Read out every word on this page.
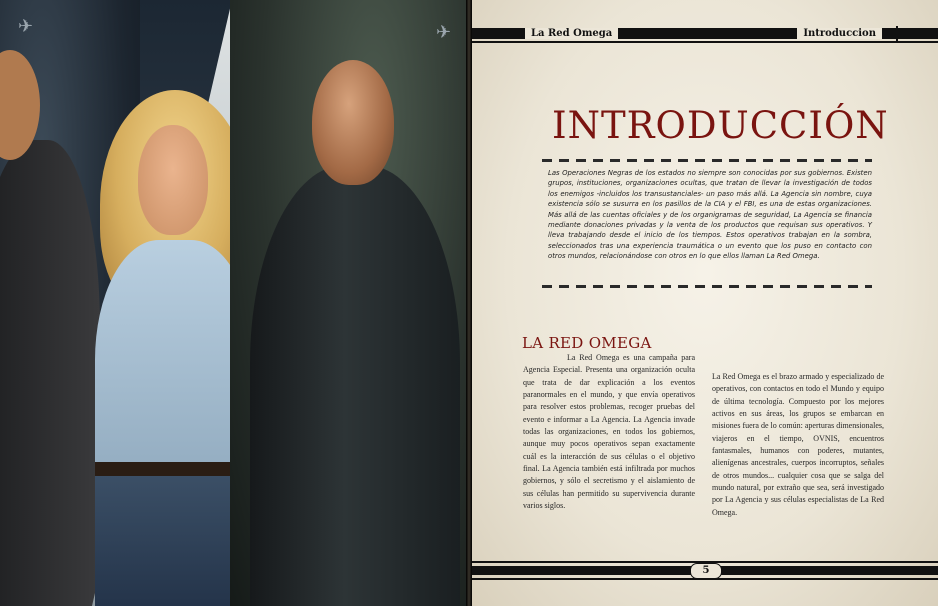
✈	✈	La Red Omega	Introduccion
INTRODUCCIÓN
Las Operaciones Negras de los estados no siempre son conocidas por sus gobiernos. Existen grupos, instituciones, organizaciones ocultas, que tratan de llevar la investigación de todos los enemigos -incluidos los transustanciales- un paso más allá. La Agencia sin nombre, cuya existencia sólo se susurra en los pasillos de la CIA y el FBI, es una de estas organizaciones. Más allá de las cuentas oficiales y de los organigramas de seguridad, La Agencia se financia mediante donaciones privadas y la venta de los productos que requisan sus operativos. Y lleva trabajando desde el inicio de los tiempos. Estos operativos trabajan en la sombra, seleccionados tras una experiencia traumática o un evento que los puso en contacto con otros mundos, relacionándose con otros en lo que ellos llaman La Red Omega.
LA RED OMEGA
La Red Omega es una campaña para Agencia Especial. Presenta una organización oculta que trata de dar explicación a los eventos paranormales en el mundo, y que envía operativos para resolver estos problemas, recoger pruebas del evento e informar a La Agencia. La Agencia invade todas las organizaciones, en todos los gobiernos, aunque muy pocos operativos sepan exactamente cuál es la interacción de sus células o el objetivo final. La Agencia también está infiltrada por muchos gobiernos, y sólo el secretismo y el aislamiento de sus células han permitido su supervivencia durante varios siglos.
La Red Omega es el brazo armado y especializado de operativos, con contactos en todo el Mundo y equipo de última tecnología. Compuesto por los mejores activos en sus áreas, los grupos se embarcan en misiones fuera de lo común: aperturas dimensionales, viajeros en el tiempo, OVNIS, encuentros fantasmales, humanos con poderes, mutantes, alienígenas ancestrales, cuerpos incorruptos, señales de otros mundos... cualquier cosa que se salga del mundo natural, por extraño que sea, será investigado por La Agencia y sus células especialistas de La Red Omega.
5
